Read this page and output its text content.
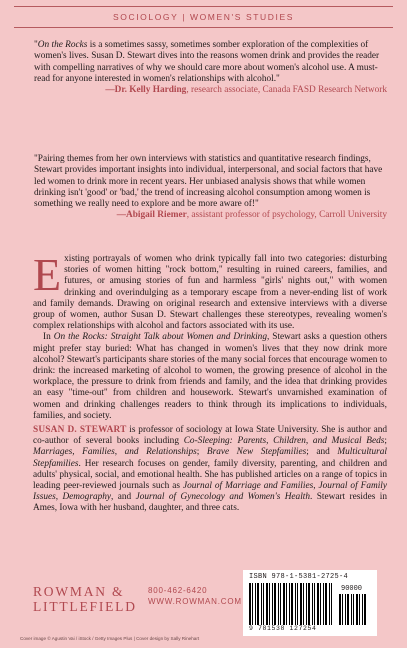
SOCIOLOGY | WOMEN'S STUDIES
"On the Rocks is a sometimes sassy, sometimes somber exploration of the complexities of women's lives. Susan D. Stewart dives into the reasons women drink and provides the reader with compelling narratives of why we should care more about women's alcohol use. A must-read for anyone interested in women's relationships with alcohol."
—Dr. Kelly Harding, research associate, Canada FASD Research Network
"Pairing themes from her own interviews with statistics and quantitative research findings, Stewart provides important insights into individual, interpersonal, and social factors that have led women to drink more in recent years. Her unbiased analysis shows that while women drinking isn't 'good' or 'bad,' the trend of increasing alcohol consumption among women is something we really need to explore and be more aware of!"
—Abigail Riemer, assistant professor of psychology, Carroll University

Existing portrayals of women who drink typically fall into two categories: disturbing stories of women hitting "rock bottom," resulting in ruined careers, families, and futures, or amusing stories of fun and harmless "girls' nights out," with women drinking and overindulging as a temporary escape from a never-ending list of work and family demands. Drawing on original research and extensive interviews with a diverse group of women, author Susan D. Stewart challenges these stereotypes, revealing women's complex relationships with alcohol and factors associated with its use.

In On the Rocks: Straight Talk about Women and Drinking, Stewart asks a question others might prefer stay buried: What has changed in women's lives that they now drink more alcohol? Stewart's participants share stories of the many social forces that encourage women to drink: the increased marketing of alcohol to women, the growing presence of alcohol in the workplace, the pressure to drink from friends and family, and the idea that drinking provides an easy "time-out" from children and housework. Stewart's unvarnished examination of women and drinking challenges readers to think through its implications to individuals, families, and society.

SUSAN D. STEWART is professor of sociology at Iowa State University. She is author and co-author of several books including Co-Sleeping: Parents, Children, and Musical Beds; Marriages, Families, and Relationships; Brave New Stepfamilies; and Multicultural Stepfamilies. Her research focuses on gender, family diversity, parenting, and children and adults' physical, social, and emotional health. She has published articles on a range of topics in leading peer-reviewed journals such as Journal of Marriage and Families, Journal of Family Issues, Demography, and Journal of Gynecology and Women's Health. Stewart resides in Ames, Iowa with her husband, daughter, and three cats.
ROWMAN &
LITTLEFIELD
800-462-6420
WWW.ROWMAN.COM
ISBN 978-1-5381-2725-4
90000
9 781538 127254
Cover image © Agustin Vai / iStock / Getty Images Plus | Cover design by Sally Rinehart
